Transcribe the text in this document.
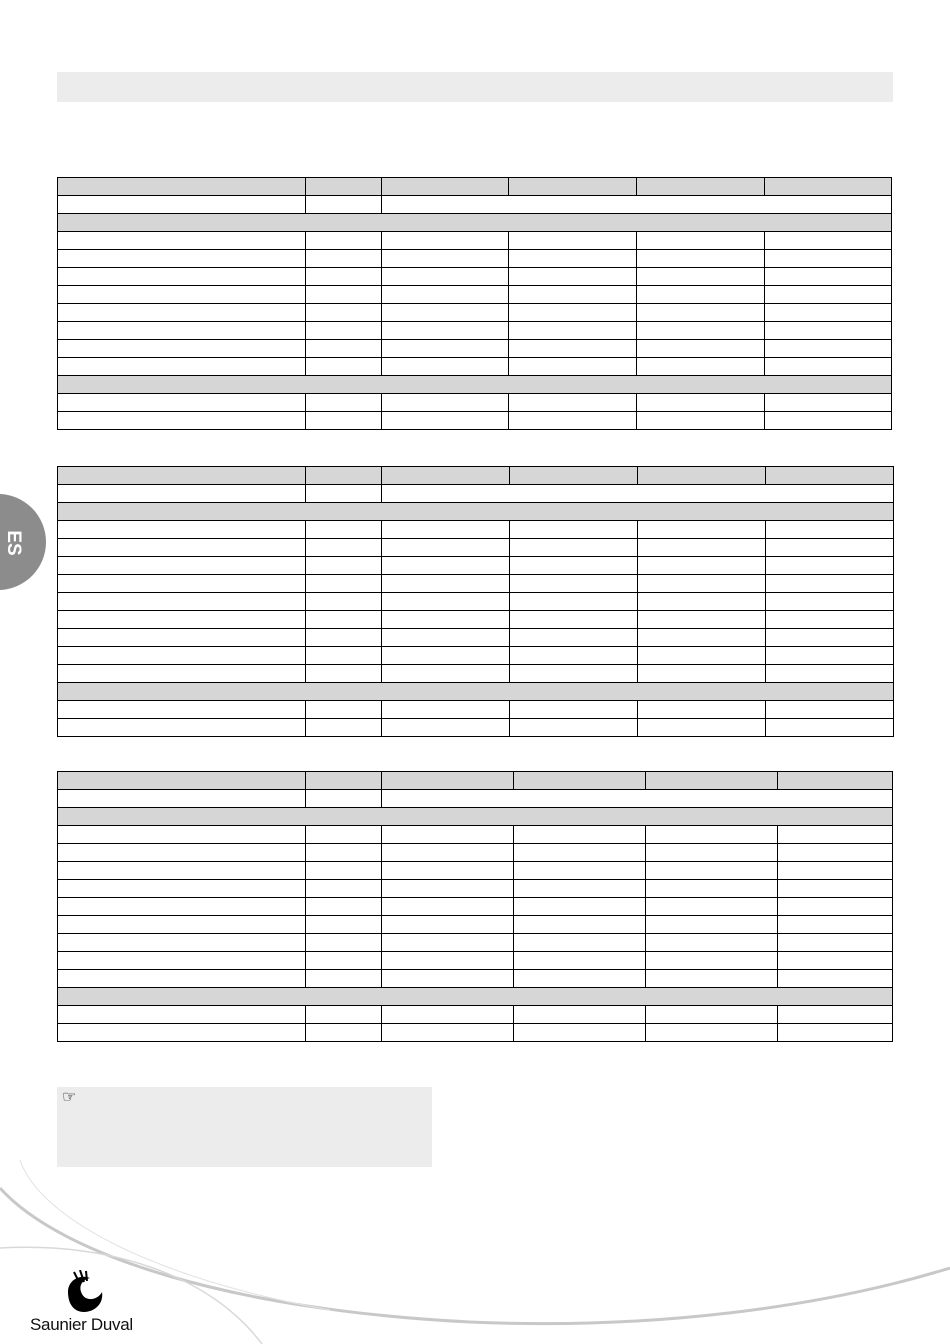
ES
☞
Saunier Duval
